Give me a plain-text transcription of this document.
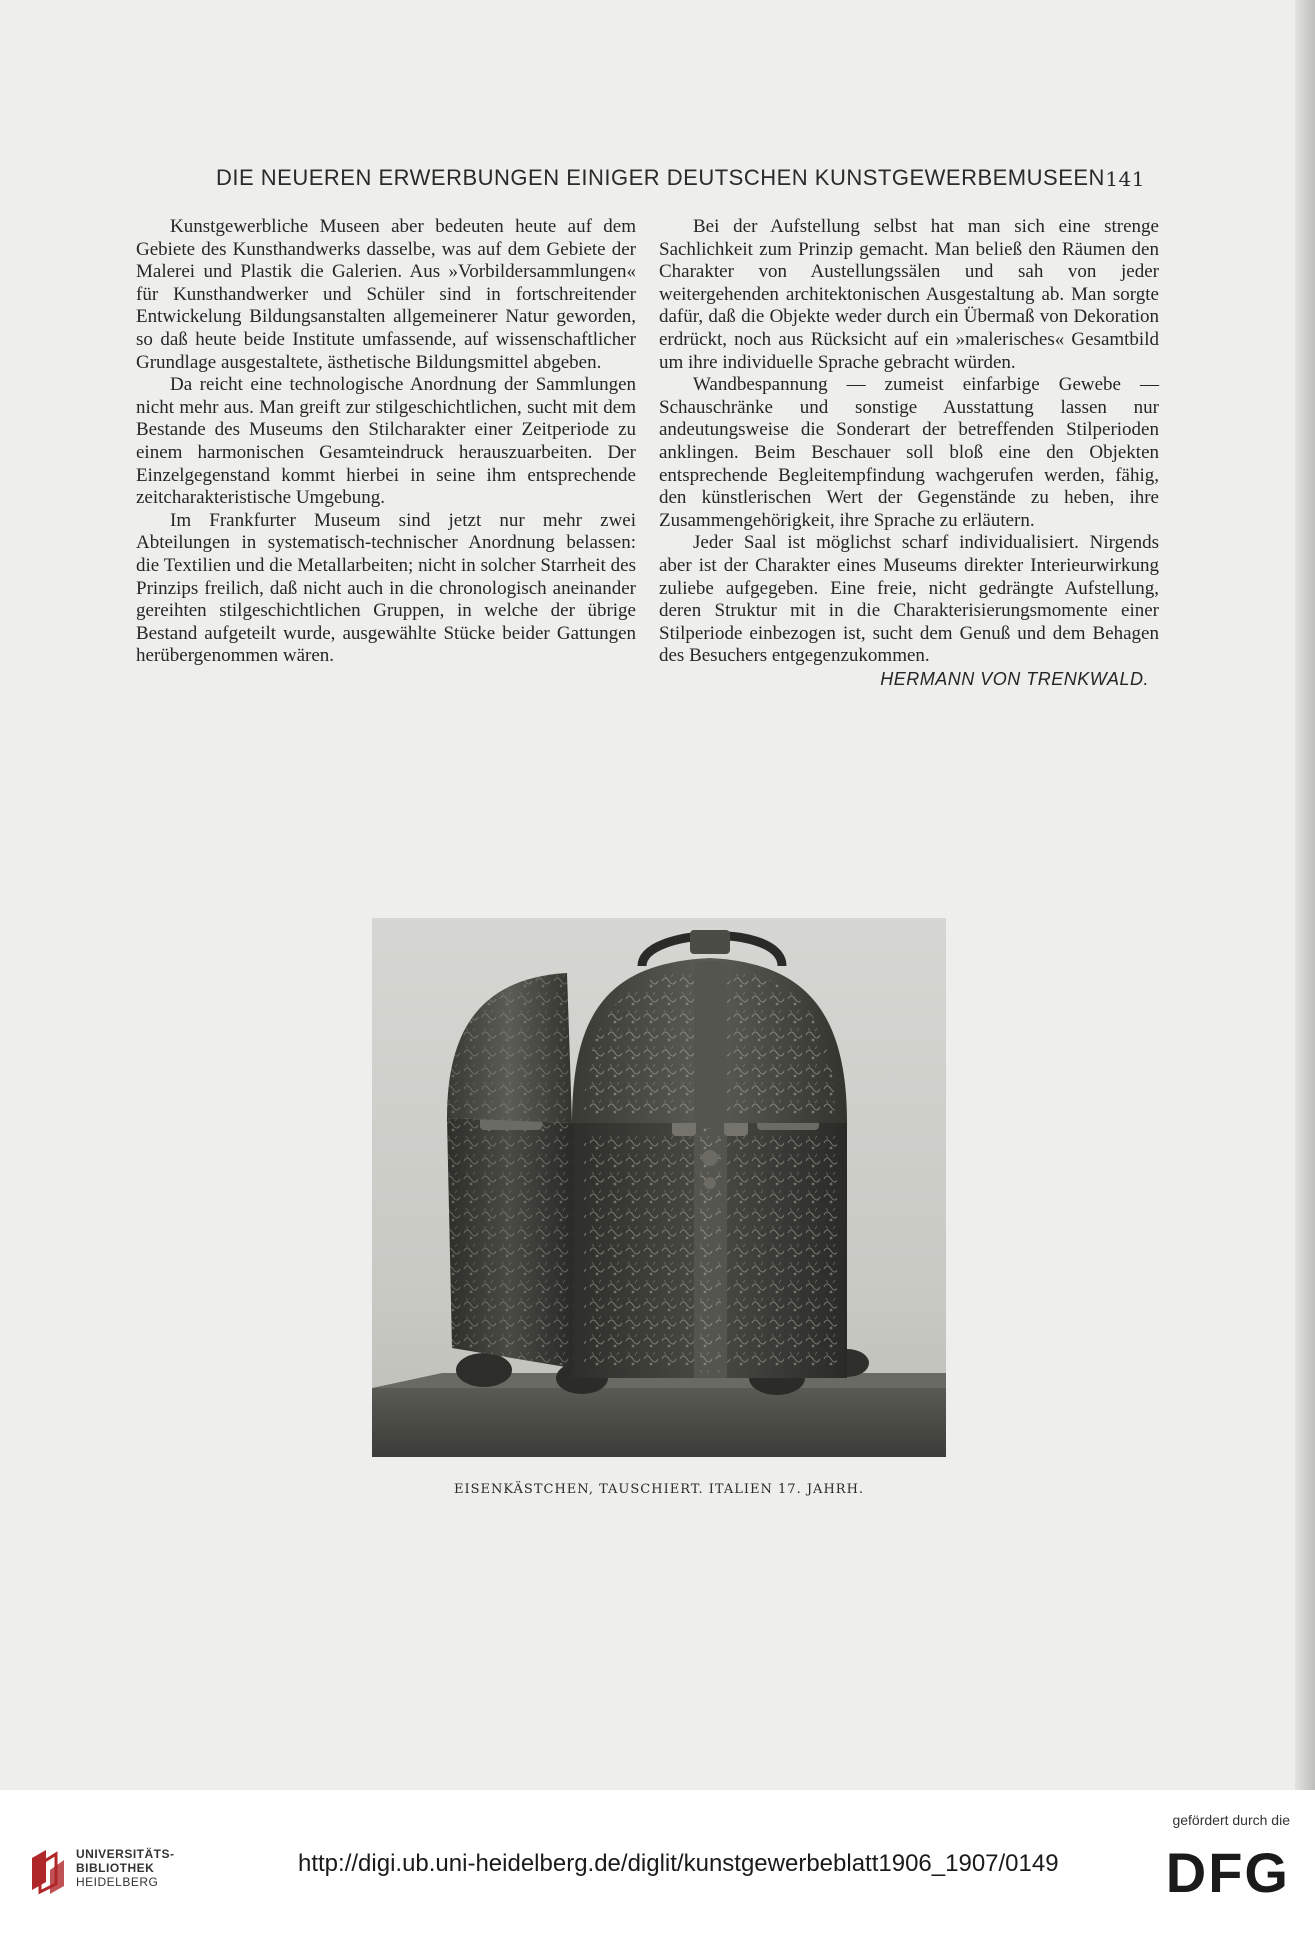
DIE NEUEREN ERWERBUNGEN EINIGER DEUTSCHEN KUNSTGEWERBEMUSEEN 141

Kunstgewerbliche Museen aber bedeuten heute auf dem Gebiete des Kunsthandwerks dasselbe, was auf dem Gebiete der Malerei und Plastik die Galerien. Aus »Vorbildersammlungen« für Kunsthandwerker und Schüler sind in fortschreitender Entwickelung Bildungsanstalten allgemeinerer Natur geworden, so daß heute beide Institute umfassende, auf wissenschaftlicher Grundlage ausgestaltete, ästhetische Bildungsmittel abgeben.

Da reicht eine technologische Anordnung der Sammlungen nicht mehr aus. Man greift zur stilgeschichtlichen, sucht mit dem Bestande des Museums den Stilcharakter einer Zeitperiode zu einem harmonischen Gesamteindruck herauszuarbeiten. Der Einzelgegenstand kommt hierbei in seine ihm entsprechende zeitcharakteristische Umgebung.

Im Frankfurter Museum sind jetzt nur mehr zwei Abteilungen in systematisch-technischer Anordnung belassen: die Textilien und die Metallarbeiten; nicht in solcher Starrheit des Prinzips freilich, daß nicht auch in die chronologisch aneinander gereihten stilgeschichtlichen Gruppen, in welche der übrige Bestand aufgeteilt wurde, ausgewählte Stücke beider Gattungen herübergenommen wären.

Bei der Aufstellung selbst hat man sich eine strenge Sachlichkeit zum Prinzip gemacht. Man beließ den Räumen den Charakter von Austellungssälen und sah von jeder weitergehenden architektonischen Ausgestaltung ab. Man sorgte dafür, daß die Objekte weder durch ein Übermaß von Dekoration erdrückt, noch aus Rücksicht auf ein »malerisches« Gesamtbild um ihre individuelle Sprache gebracht würden.

Wandbespannung — zumeist einfarbige Gewebe — Schauschränke und sonstige Ausstattung lassen nur andeutungsweise die Sonderart der betreffenden Stilperioden anklingen. Beim Beschauer soll bloß eine den Objekten entsprechende Begleitempfindung wachgerufen werden, fähig, den künstlerischen Wert der Gegenstände zu heben, ihre Zusammengehörigkeit, ihre Sprache zu erläutern.

Jeder Saal ist möglichst scharf individualisiert. Nirgends aber ist der Charakter eines Museums direkter Interieurwirkung zuliebe aufgegeben. Eine freie, nicht gedrängte Aufstellung, deren Struktur mit in die Charakterisierungsmomente einer Stilperiode einbezogen ist, sucht dem Genuß und dem Behagen des Besuchers entgegenzukommen.

HERMANN VON TRENKWALD.

EISENKÄSTCHEN, TAUSCHIERT. ITALIEN 17. JAHRH.
UNIVERSITÄTS-
BIBLIOTHEK
HEIDELBERG
http://digi.ub.uni-heidelberg.de/diglit/kunstgewerbeblatt1906_1907/0149
gefördert durch die
DFG
